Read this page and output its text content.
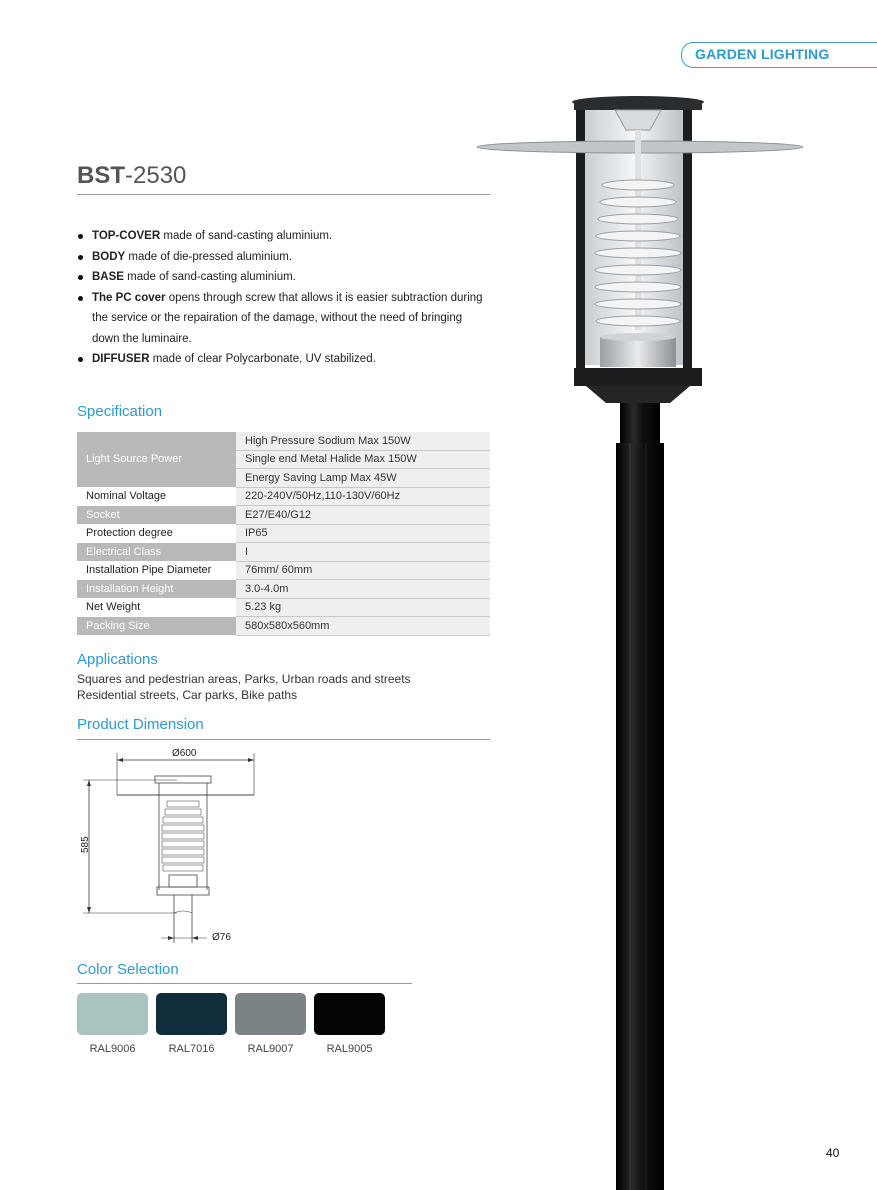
GARDEN LIGHTING
BST-2530
TOP-COVER made of sand-casting aluminium.
BODY made of die-pressed aluminium.
BASE made of sand-casting aluminium.
The PC cover opens through screw that allows it is easier subtraction during the service or the repairation of the damage, without the need of bringing down the luminaire.
DIFFUSER made of clear Polycarbonate, UV stabilized.
Specification
Light Source Power	High Pressure Sodium Max 150W
	Single end Metal Halide Max 150W
	Energy Saving Lamp Max 45W
Nominal Voltage	220-240V/50Hz,110-130V/60Hz
Socket	E27/E40/G12
Protection degree	IP65
Electrical Class	I
Installation Pipe Diameter	76mm/ 60mm
Installation Height	3.0-4.0m
Net Weight	5.23 kg
Packing Size	580x580x560mm
Applications
Squares and pedestrian areas, Parks, Urban roads and streets
Residential streets, Car parks, Bike paths
Product Dimension
Ø600
585
Ø76
Color Selection
RAL9006	RAL7016	RAL9007	RAL9005
40
